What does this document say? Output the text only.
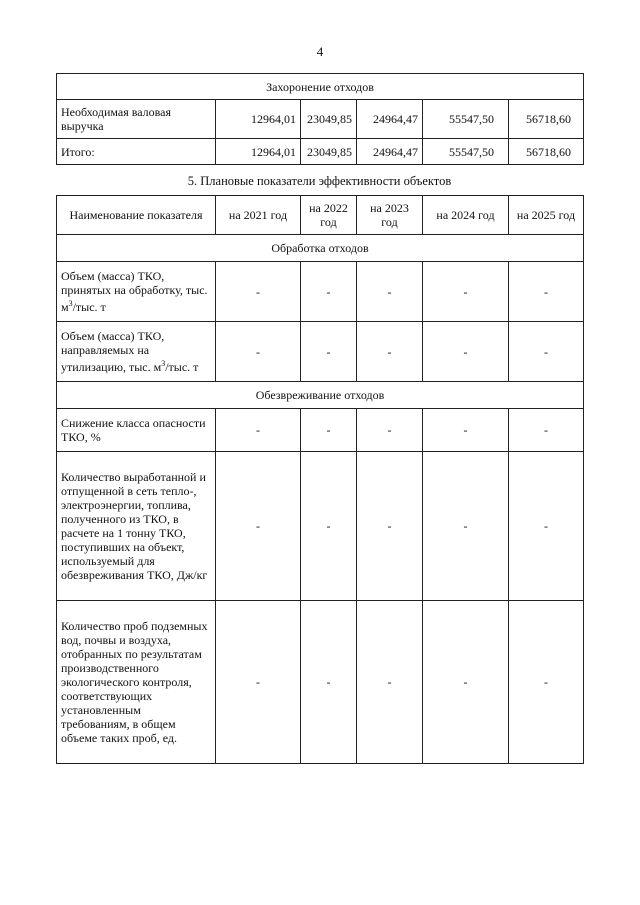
4
Захоронение отходов					
Необходимая валовая выручка	12964,01	23049,85	24964,47	55547,50	56718,60
Итого:	12964,01	23049,85	24964,47	55547,50	56718,60
5. Плановые показатели эффективности объектов
Наименование показателя	на 2021 год	на 2022 год	на 2023 год	на 2024 год	на 2025 год
Обработка отходов					
Объем (масса) ТКО, принятых на обработку, тыс. $м^3$/тыс. т	-	-	-	-	-
Объем (масса) ТКО, направляемых на утилизацию, тыс. $м^3$/тыс. т	-	-	-	-	-
Обезвреживание отходов					
Снижение класса опасности ТКО, %	-	-	-	-	-
Количество выработанной и отпущенной в сеть тепло-, электроэнергии, топлива, полученного из ТКО, в расчете на 1 тонну ТКО, поступивших на объект, используемый для обезвреживания ТКО, Дж/кг	-	-	-	-	-
Количество проб подземных вод, почвы и воздуха, отобранных по результатам производственного экологического контроля, соответствующих установленным требованиям, в общем объеме таких проб, ед.	-	-	-	-	-
